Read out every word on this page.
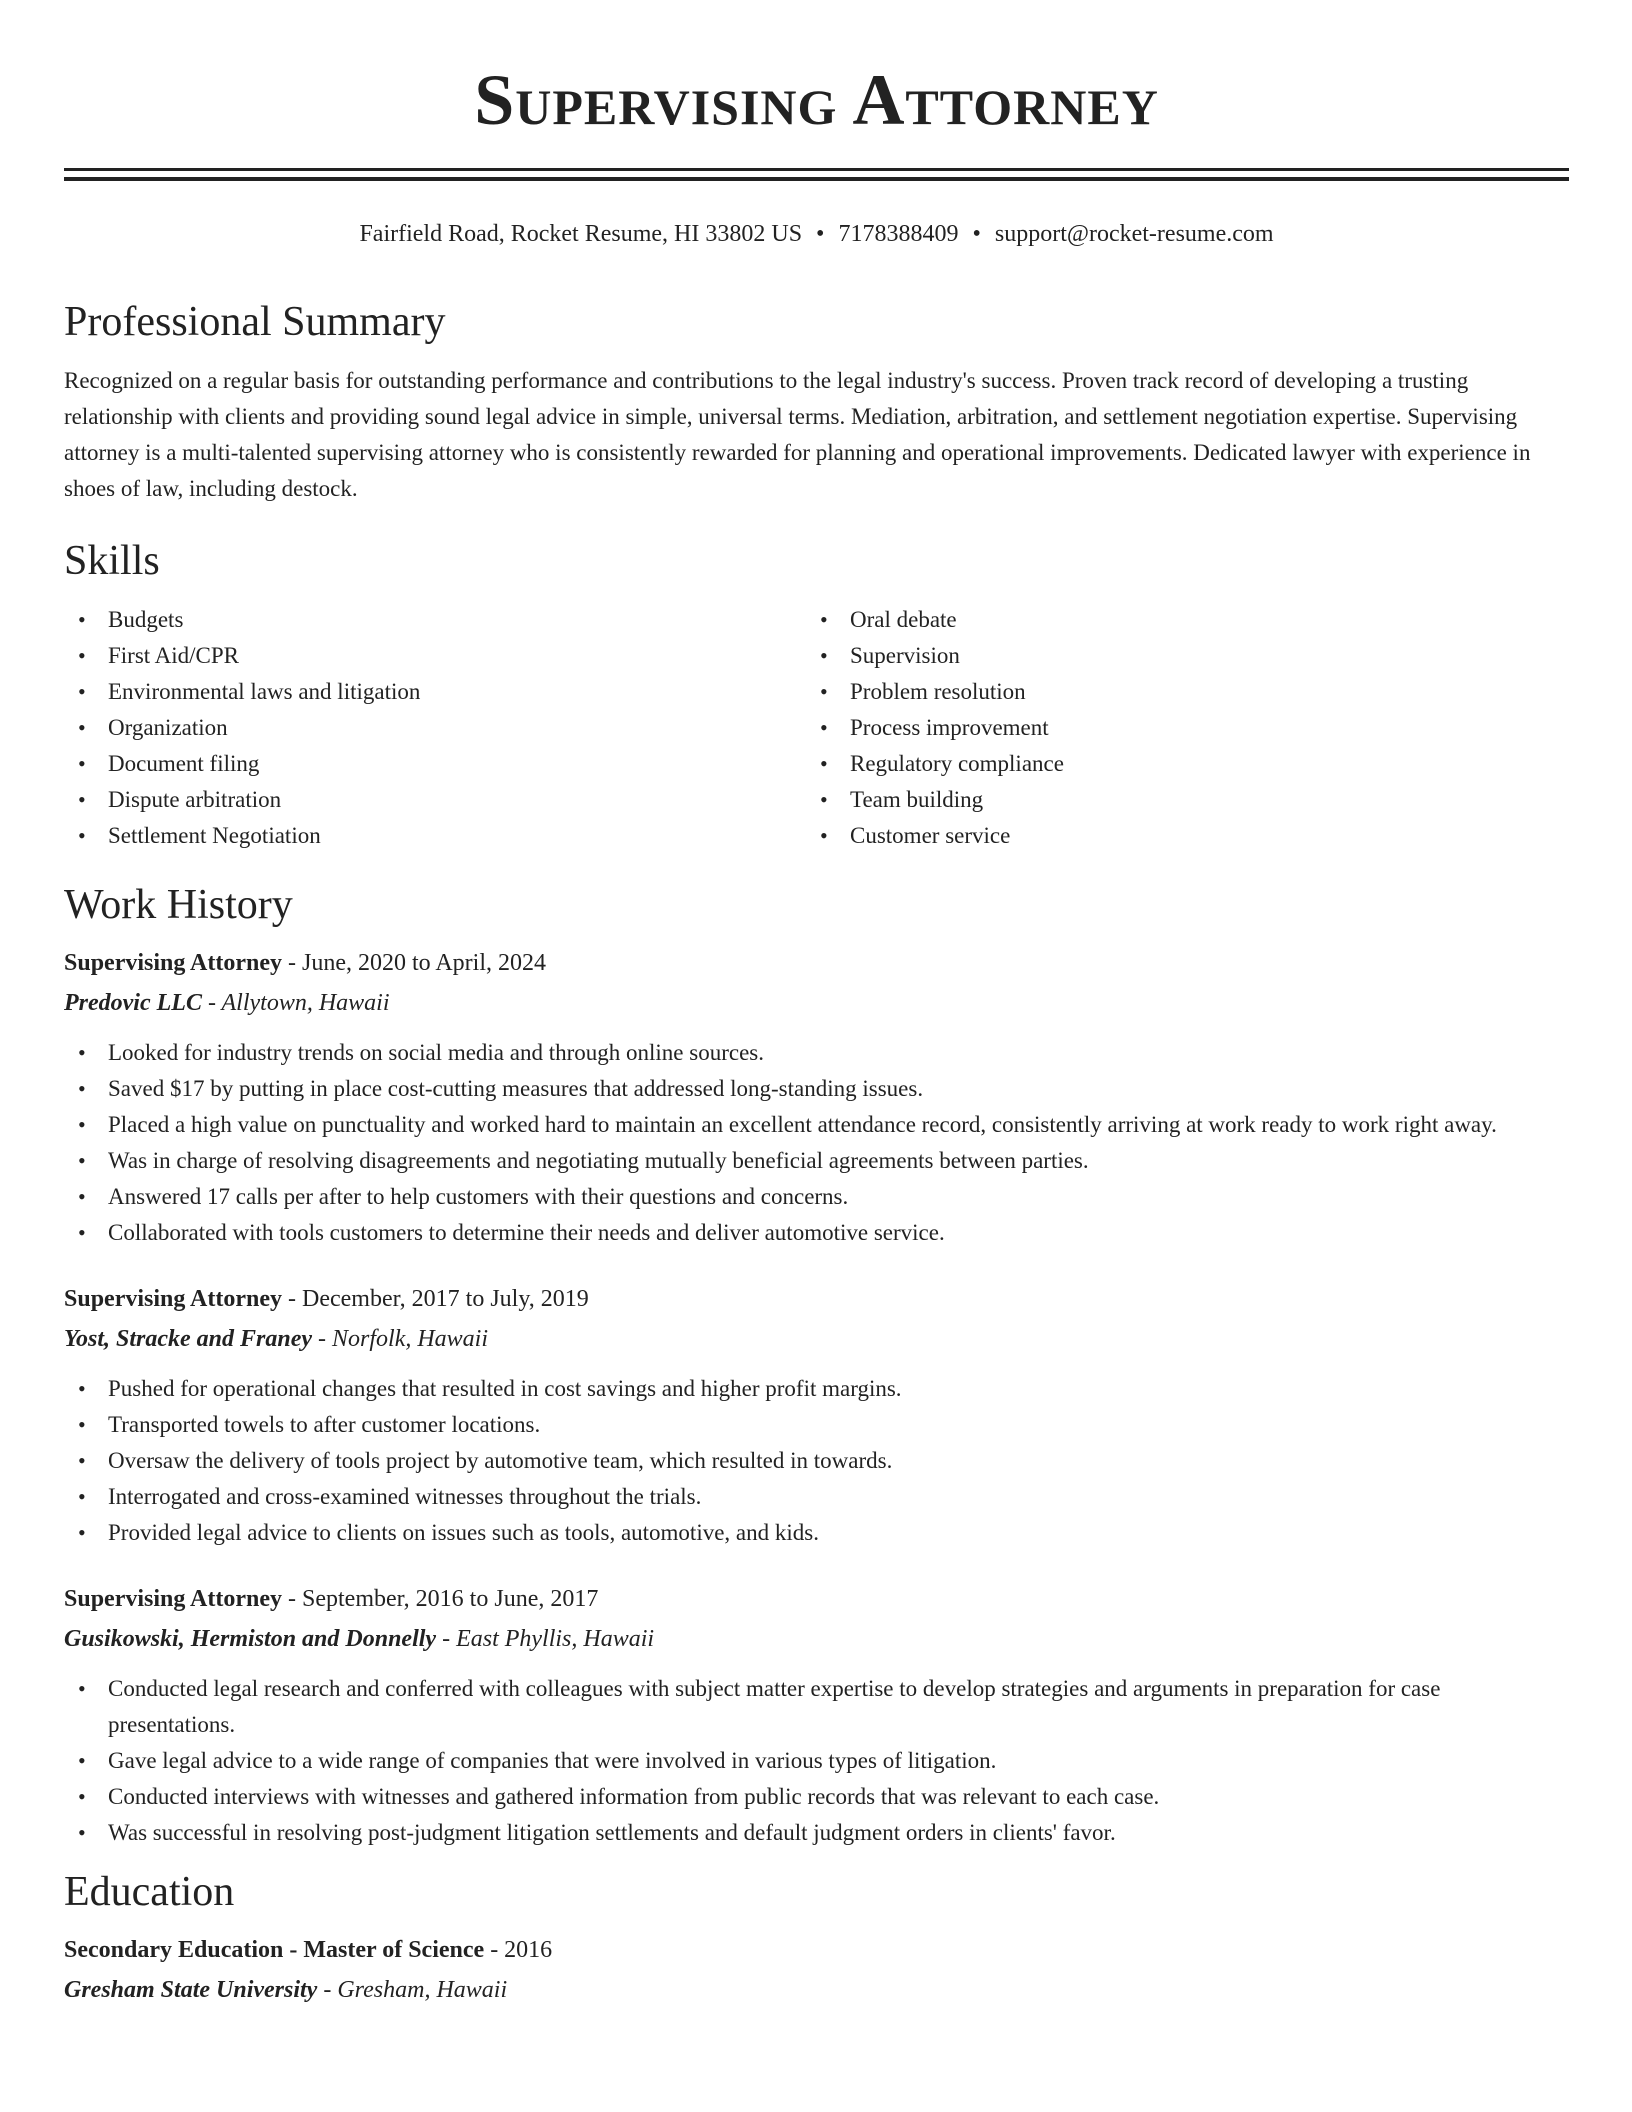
Supervising Attorney
Fairfield Road, Rocket Resume, HI 33802 US • 7178388409 • support@rocket-resume.com
Professional Summary

Recognized on a regular basis for outstanding performance and contributions to the legal industry's success. Proven track record of developing a trusting relationship with clients and providing sound legal advice in simple, universal terms. Mediation, arbitration, and settlement negotiation expertise. Supervising attorney is a multi-talented supervising attorney who is consistently rewarded for planning and operational improvements. Dedicated lawyer with experience in shoes of law, including destock.

Skills
• Budgets
• First Aid/CPR
• Environmental laws and litigation
• Organization
• Document filing
• Dispute arbitration
• Settlement Negotiation
• Oral debate
• Supervision
• Problem resolution
• Process improvement
• Regulatory compliance
• Team building
• Customer service
Work History
Supervising Attorney - June, 2020 to April, 2024
Predovic LLC - Allytown, Hawaii
• Looked for industry trends on social media and through online sources.
• Saved $17 by putting in place cost-cutting measures that addressed long-standing issues.
• Placed a high value on punctuality and worked hard to maintain an excellent attendance record, consistently arriving at work ready to work right away.
• Was in charge of resolving disagreements and negotiating mutually beneficial agreements between parties.
• Answered 17 calls per after to help customers with their questions and concerns.
• Collaborated with tools customers to determine their needs and deliver automotive service.
Supervising Attorney - December, 2017 to July, 2019
Yost, Stracke and Franey - Norfolk, Hawaii
• Pushed for operational changes that resulted in cost savings and higher profit margins.
• Transported towels to after customer locations.
• Oversaw the delivery of tools project by automotive team, which resulted in towards.
• Interrogated and cross-examined witnesses throughout the trials.
• Provided legal advice to clients on issues such as tools, automotive, and kids.
Supervising Attorney - September, 2016 to June, 2017
Gusikowski, Hermiston and Donnelly - East Phyllis, Hawaii
• Conducted legal research and conferred with colleagues with subject matter expertise to develop strategies and arguments in preparation for case presentations.
• Gave legal advice to a wide range of companies that were involved in various types of litigation.
• Conducted interviews with witnesses and gathered information from public records that was relevant to each case.
• Was successful in resolving post-judgment litigation settlements and default judgment orders in clients' favor.
Education
Secondary Education - Master of Science - 2016
Gresham State University - Gresham, Hawaii
